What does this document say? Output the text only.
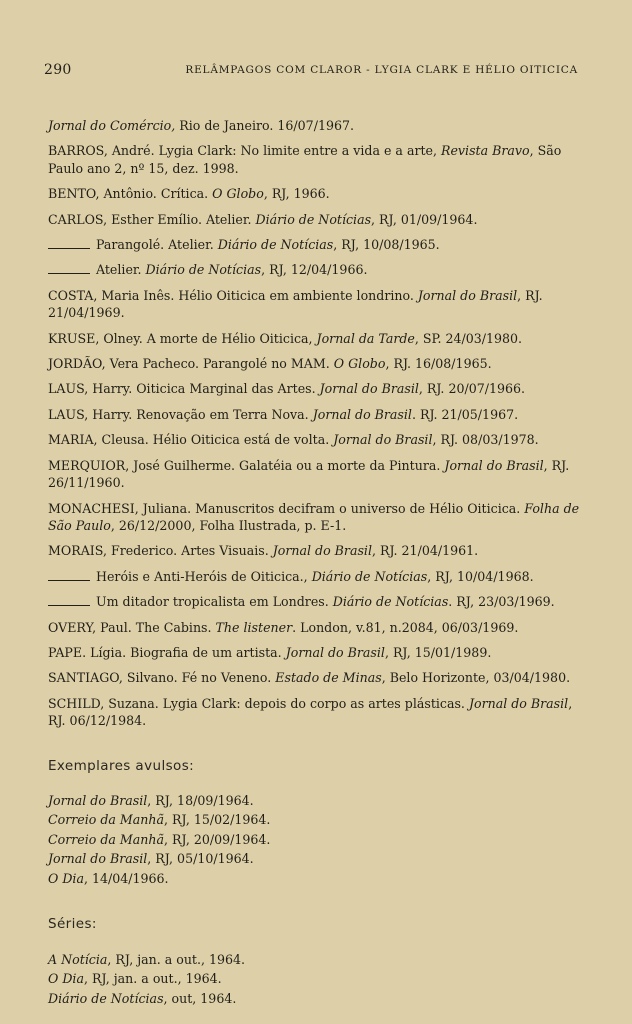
290	RELÂMPAGOS COM CLAROR - LYGIA CLARK E HÉLIO OITICICA

Jornal do Comércio, Rio de Janeiro. 16/07/1967.

BARROS, André. Lygia Clark: No limite entre a vida e a arte, Revista Bravo, São Paulo ano 2, nº 15, dez. 1998.

BENTO, Antônio. Crítica. O Globo, RJ, 1966.

CARLOS, Esther Emílio. Atelier. Diário de Notícias, RJ, 01/09/1964.

Parangolé. Atelier. Diário de Notícias, RJ, 10/08/1965.

Atelier. Diário de Notícias, RJ, 12/04/1966.

COSTA, Maria Inês. Hélio Oiticica em ambiente londrino. Jornal do Brasil, RJ. 21/04/1969.

KRUSE, Olney. A morte de Hélio Oiticica, Jornal da Tarde, SP. 24/03/1980.

JORDÃO, Vera Pacheco. Parangolé no MAM. O Globo, RJ. 16/08/1965.

LAUS, Harry. Oiticica Marginal das Artes. Jornal do Brasil, RJ. 20/07/1966.

LAUS, Harry. Renovação em Terra Nova. Jornal do Brasil. RJ. 21/05/1967.

MARIA, Cleusa. Hélio Oiticica está de volta. Jornal do Brasil, RJ. 08/03/1978.

MERQUIOR, José Guilherme. Galatéia ou a morte da Pintura. Jornal do Brasil, RJ. 26/11/1960.

MONACHESI, Juliana. Manuscritos decifram o universo de Hélio Oiticica. Folha de São Paulo, 26/12/2000, Folha Ilustrada, p. E-1.

MORAIS, Frederico. Artes Visuais. Jornal do Brasil, RJ. 21/04/1961.

Heróis e Anti-Heróis de Oiticica., Diário de Notícias, RJ, 10/04/1968.

Um ditador tropicalista em Londres. Diário de Notícias. RJ, 23/03/1969.

OVERY, Paul. The Cabins. The listener. London, v.81, n.2084, 06/03/1969.

PAPE. Lígia. Biografia de um artista. Jornal do Brasil, RJ, 15/01/1989.

SANTIAGO, Silvano. Fé no Veneno. Estado de Minas, Belo Horizonte, 03/04/1980.

SCHILD, Suzana. Lygia Clark: depois do corpo as artes plásticas. Jornal do Brasil, RJ. 06/12/1984.

Exemplares avulsos:

Jornal do Brasil, RJ, 18/09/1964.

Correio da Manhã, RJ, 15/02/1964.

Correio da Manhã, RJ, 20/09/1964.

Jornal do Brasil, RJ, 05/10/1964.

O Dia, 14/04/1966.

Séries:

A Notícia, RJ, jan. a out., 1964.

O Dia, RJ, jan. a out., 1964.

Diário de Notícias, out, 1964.
